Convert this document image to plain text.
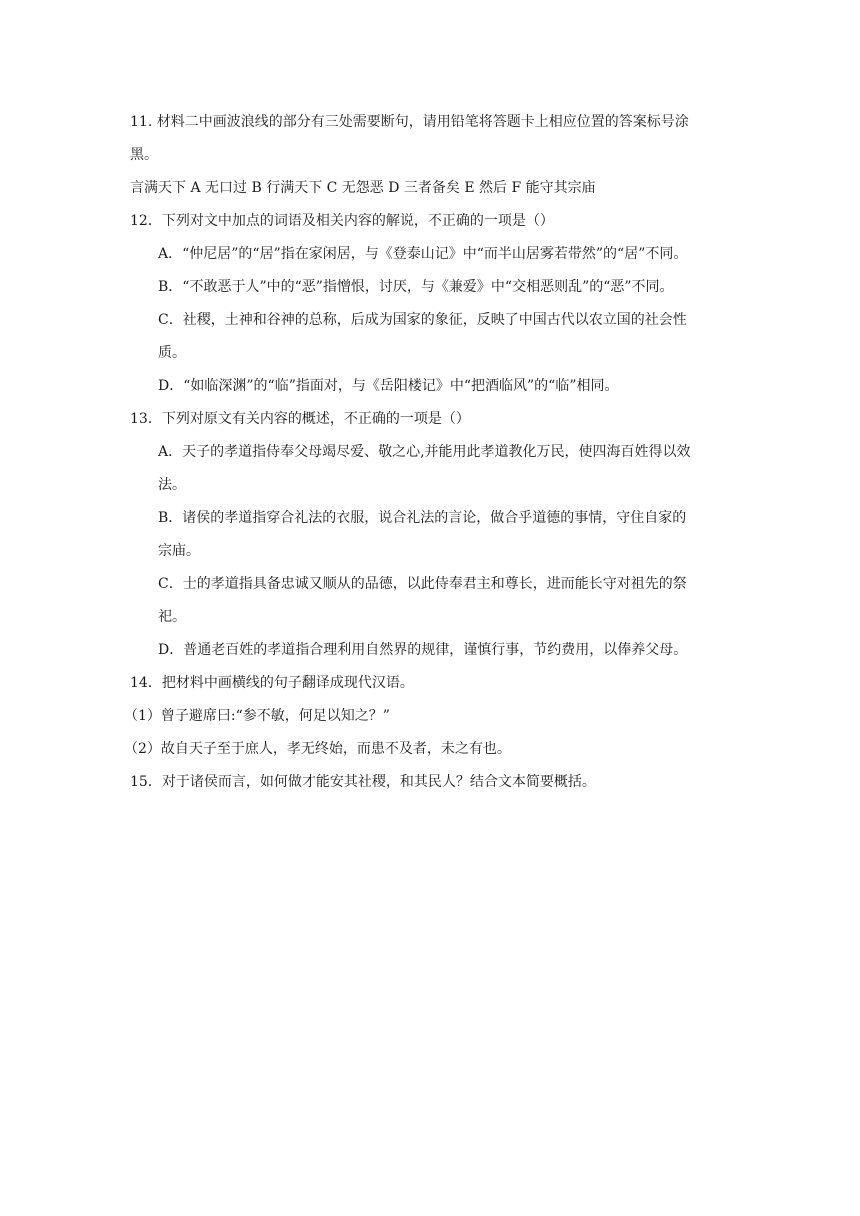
11. 材料二中画波浪线的部分有三处需要断句，请用铅笔将答题卡上相应位置的答案标号涂
黑。
言满天下 A 无口过 B 行满天下 C 无怨恶 D 三者备矣 E 然后 F 能守其宗庙
12．下列对文中加点的词语及相关内容的解说，不正确的一项是（）
A．“仲尼居”的“居”指在家闲居，与《登泰山记》中“而半山居雾若带然”的“居”不同。
B．“不敢恶于人”中的“恶”指憎恨，讨厌，与《兼爱》中“交相恶则乱”的“恶”不同。
C．社稷，土神和谷神的总称，后成为国家的象征，反映了中国古代以农立国的社会性
质。
D．“如临深渊”的“临”指面对，与《岳阳楼记》中“把酒临风”的“临”相同。
13．下列对原文有关内容的概述，不正确的一项是（）
A．天子的孝道指侍奉父母竭尽爱、敬之心,并能用此孝道教化万民，使四海百姓得以效
法。
B．诸侯的孝道指穿合礼法的衣服，说合礼法的言论，做合乎道德的事情，守住自家的
宗庙。
C．士的孝道指具备忠诚又顺从的品德，以此侍奉君主和尊长，进而能长守对祖先的祭
祀。
D．普通老百姓的孝道指合理利用自然界的规律，谨慎行事，节约费用，以俸养父母。
14．把材料中画横线的句子翻译成现代汉语。
（1）曾子避席曰:“参不敏，何足以知之？”
（2）故自天子至于庶人，孝无终始，而患不及者，未之有也。
15．对于诸侯而言，如何做才能安其社稷，和其民人？结合文本简要概括。
